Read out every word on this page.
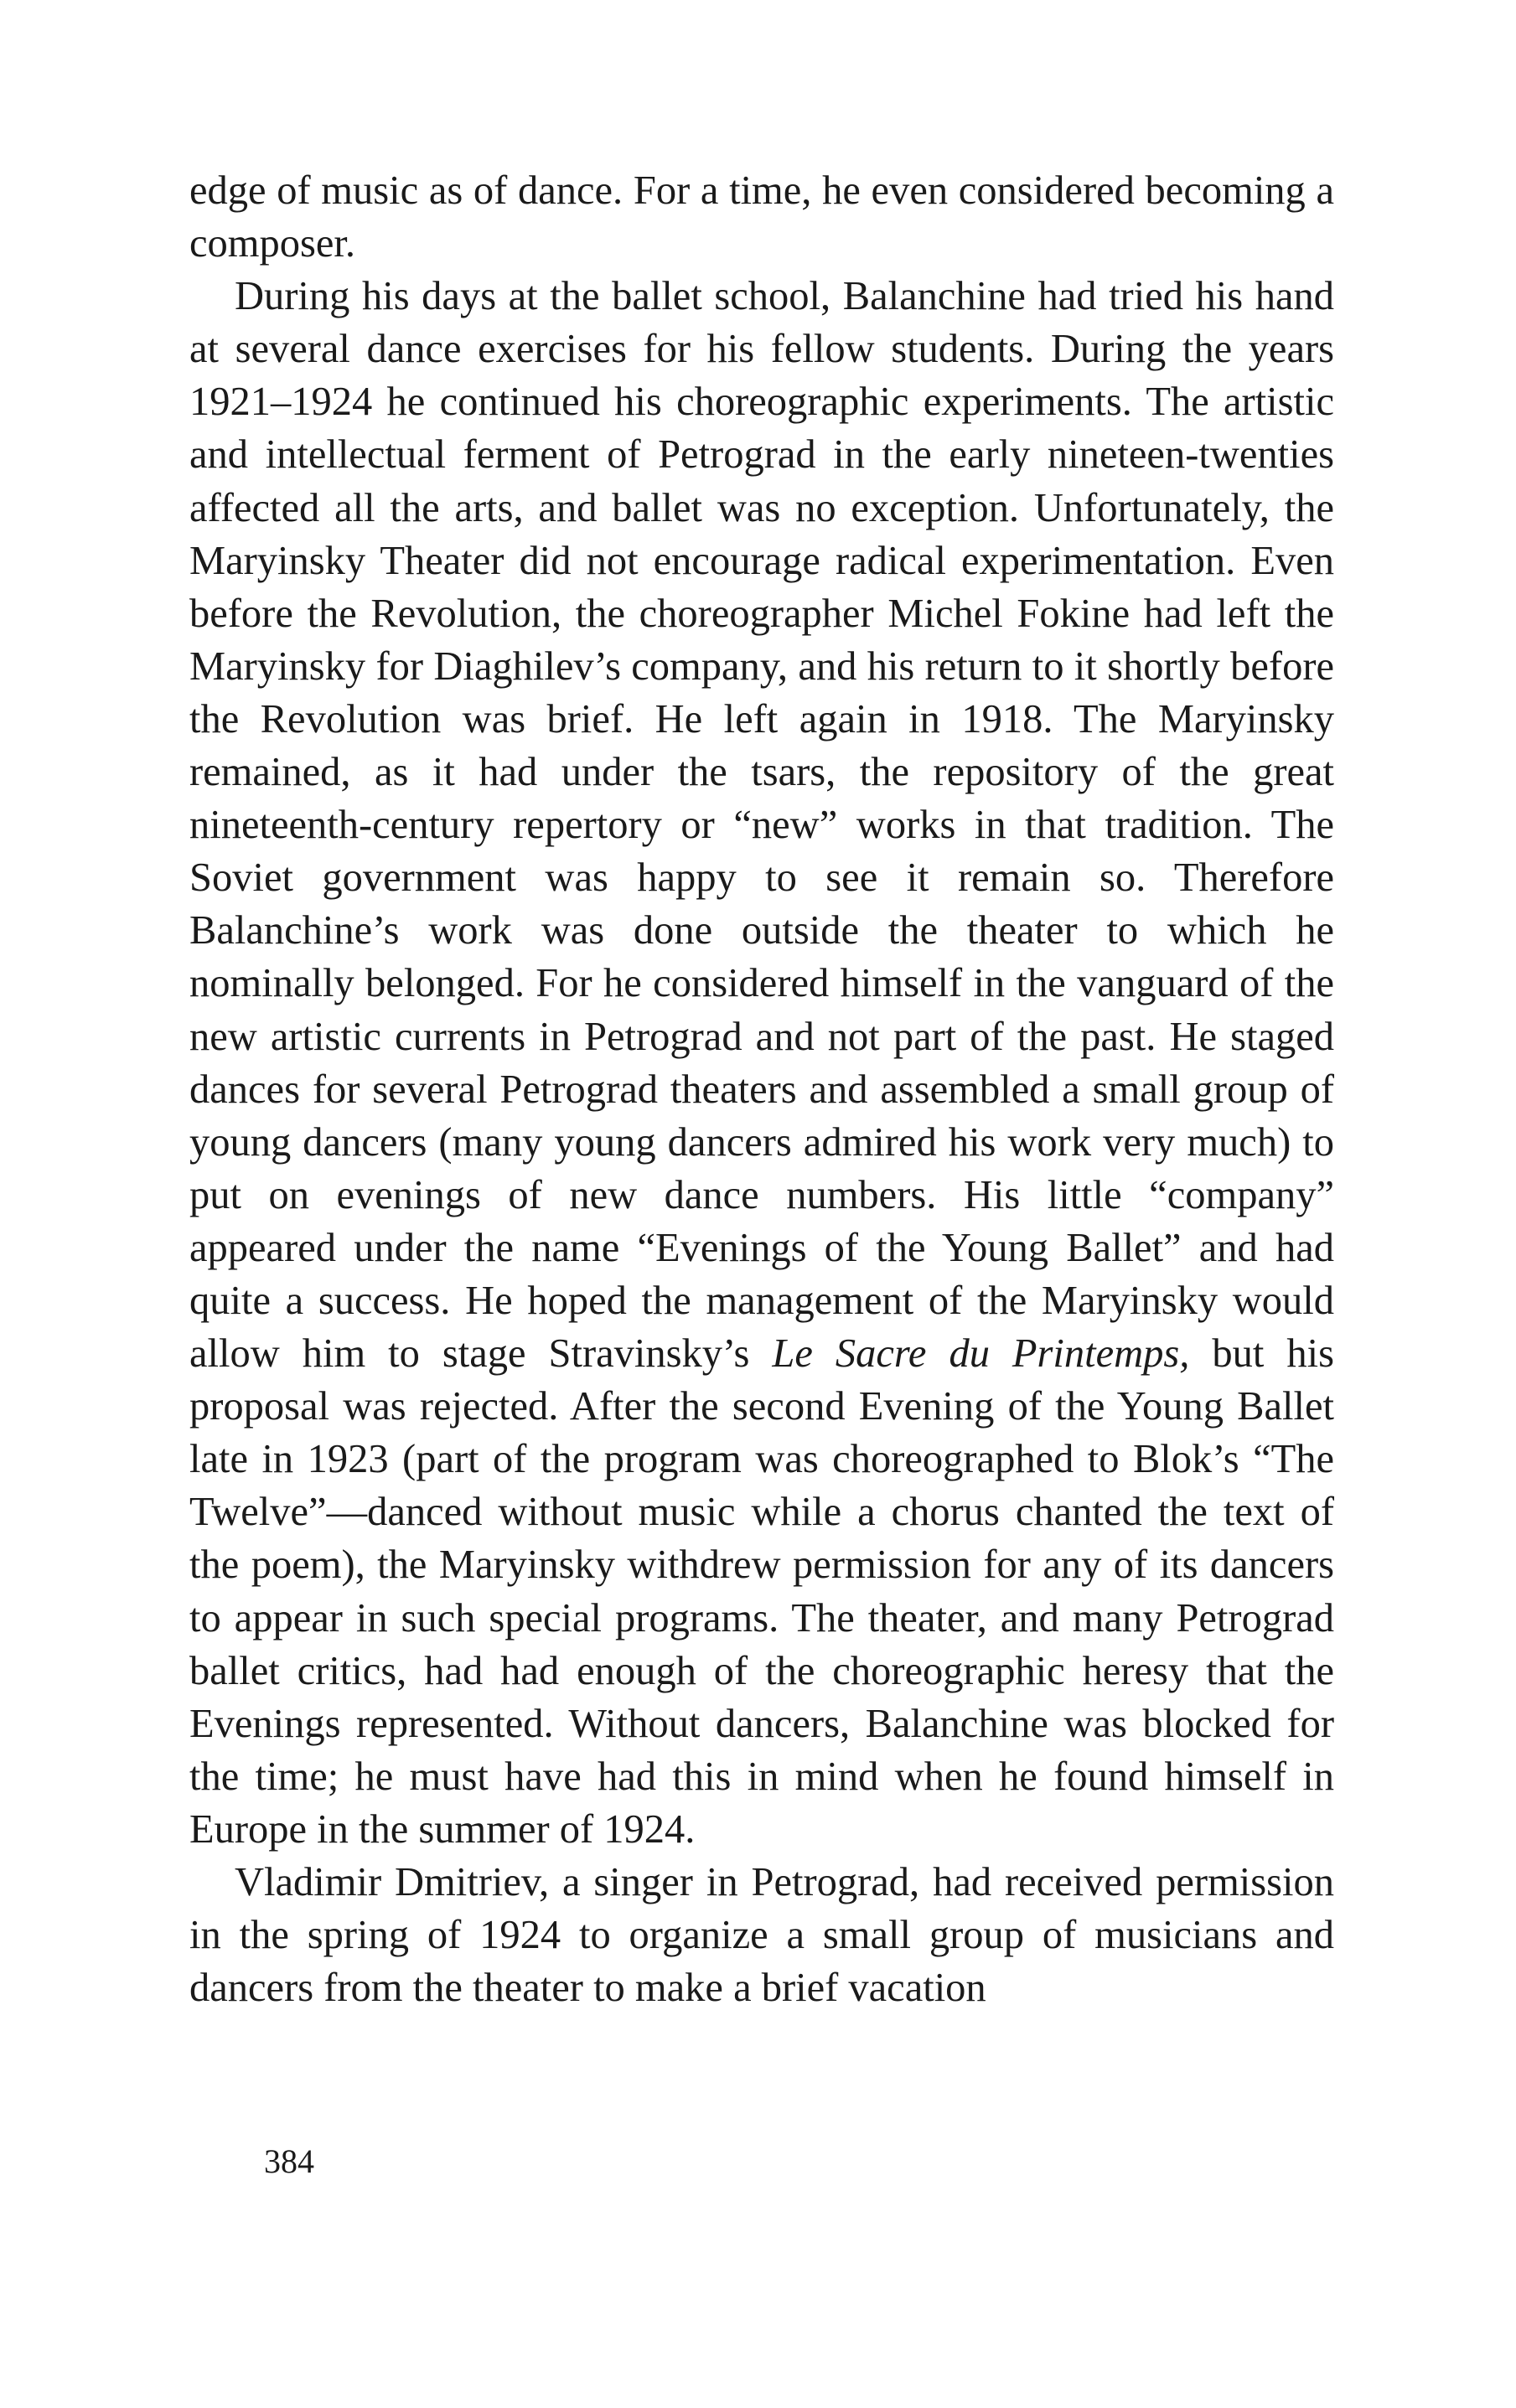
edge of music as of dance. For a time, he even considered becoming a composer.

During his days at the ballet school, Balanchine had tried his hand at several dance exercises for his fellow students. During the years 1921–1924 he continued his choreographic experiments. The artistic and intellectual ferment of Petrograd in the early nineteen-twenties affected all the arts, and ballet was no exception. Unfortunately, the Maryinsky Theater did not encourage radical experimentation. Even before the Revolution, the choreographer Michel Fokine had left the Maryinsky for Diaghilev’s company, and his return to it shortly before the Revolution was brief. He left again in 1918. The Maryinsky remained, as it had under the tsars, the repository of the great nineteenth-century repertory or “new” works in that tradition. The Soviet government was happy to see it remain so. Therefore Balanchine’s work was done outside the theater to which he nominally belonged. For he considered himself in the vanguard of the new artistic currents in Petrograd and not part of the past. He staged dances for several Petrograd theaters and assembled a small group of young dancers (many young dancers admired his work very much) to put on evenings of new dance numbers. His little “company” appeared under the name “Evenings of the Young Ballet” and had quite a success. He hoped the management of the Maryinsky would allow him to stage Stravinsky’s Le Sacre du Printemps, but his proposal was rejected. After the second Evening of the Young Ballet late in 1923 (part of the program was choreographed to Blok’s “The Twelve”—danced without music while a chorus chanted the text of the poem), the Maryinsky withdrew permission for any of its dancers to appear in such special programs. The theater, and many Petrograd ballet critics, had had enough of the choreographic heresy that the Evenings represented. Without dancers, Balanchine was blocked for the time; he must have had this in mind when he found himself in Europe in the summer of 1924.

Vladimir Dmitriev, a singer in Petrograd, had received permission in the spring of 1924 to organize a small group of musicians and dancers from the theater to make a brief vacation

384
